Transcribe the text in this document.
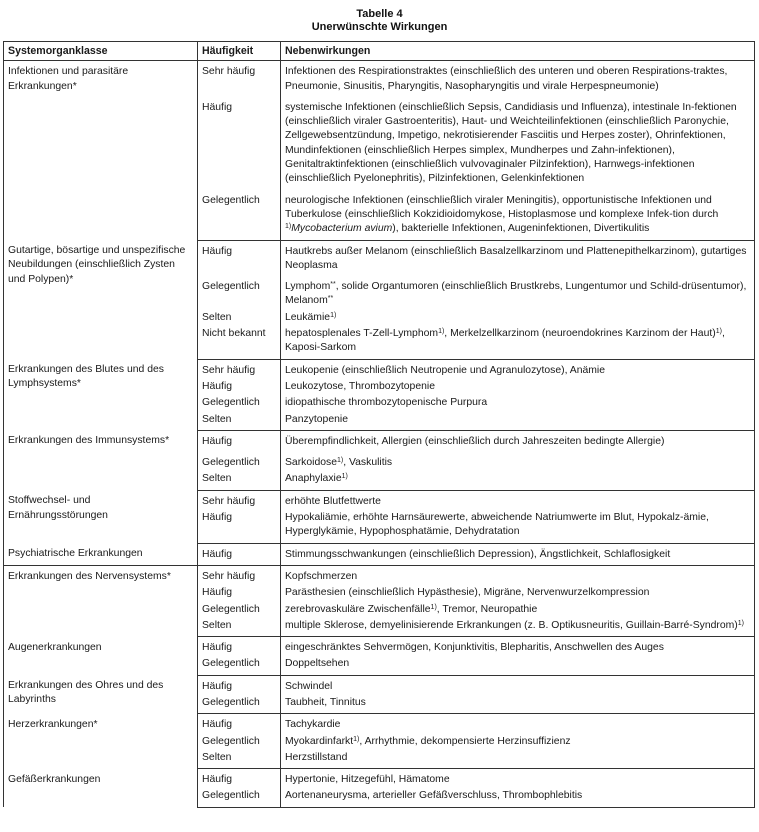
Tabelle 4
Unerwünschte Wirkungen
Systemorganklasse	Häufigkeit	Nebenwirkungen
Infektionen und parasitäre Erkrankungen*	Sehr häufig	Infektionen des Respirationstraktes (einschließlich des unteren und oberen Respirations-traktes, Pneumonie, Sinusitis, Pharyngitis, Nasopharyngitis und virale Herpespneumonie)
	Häufig	systemische Infektionen (einschließlich Sepsis, Candidiasis und Influenza), intestinale In-fektionen (einschließlich viraler Gastroenteritis), Haut- und Weichteilinfektionen (einschließlich Paronychie, Zellgewebsentzündung, Impetigo, nekrotisierender Fasciitis und Herpes zoster), Ohrinfektionen, Mundinfektionen (einschließlich Herpes simplex, Mundherpes und Zahn-infektionen), Genitaltraktinfektionen (einschließlich vulvovaginaler Pilzinfektion), Harnwegs-infektionen (einschließlich Pyelonephritis), Pilzinfektionen, Gelenkinfektionen
	Gelegentlich	neurologische Infektionen (einschließlich viraler Meningitis), opportunistische Infektionen und Tuberkulose (einschließlich Kokzidioidomykose, Histoplasmose und komplexe Infek-tion durch $^{1)}$Mycobacterium avium), bakterielle Infektionen, Augeninfektionen, Divertikulitis
Gutartige, bösartige und unspezifische Neubildungen (einschließlich Zysten und Polypen)*	Häufig	Hautkrebs außer Melanom (einschließlich Basalzellkarzinom und Plattenepithelkarzinom), gutartiges Neoplasma
	Gelegentlich	Lymphom**, solide Organtumoren (einschließlich Brustkrebs, Lungentumor und Schild-drüsentumor), Melanom**
	Selten	Leukämie$^{1)}$
	Nicht bekannt	hepatosplenales T-Zell-Lymphom$^{1)}$, Merkelzellkarzinom (neuroendokrines Karzinom der Haut)$^{1)}$, Kaposi-Sarkom
Erkrankungen des Blutes und des Lymphsystems*	Sehr häufig	Leukopenie (einschließlich Neutropenie und Agranulozytose), Anämie
	Häufig	Leukozytose, Thrombozytopenie
	Gelegentlich	idiopathische thrombozytopenische Purpura
	Selten	Panzytopenie
Erkrankungen des Immunsystems*	Häufig	Überempfindlichkeit, Allergien (einschließlich durch Jahreszeiten bedingte Allergie)
	Gelegentlich	Sarkoidose$^{1)}$, Vaskulitis
	Selten	Anaphylaxie$^{1)}$
Stoffwechsel- und Ernährungsstörungen	Sehr häufig	erhöhte Blutfettwerte
	Häufig	Hypokaliämie, erhöhte Harnsäurewerte, abweichende Natriumwerte im Blut, Hypokalz-ämie, Hyperglykämie, Hypophosphatämie, Dehydratation
Psychiatrische Erkrankungen	Häufig	Stimmungsschwankungen (einschließlich Depression), Ängstlichkeit, Schlaflosigkeit
Erkrankungen des Nervensystems*	Sehr häufig	Kopfschmerzen
	Häufig	Parästhesien (einschließlich Hypästhesie), Migräne, Nervenwurzelkompression
	Gelegentlich	zerebrovaskuläre Zwischenfälle$^{1)}$, Tremor, Neuropathie
	Selten	multiple Sklerose, demyelinisierende Erkrankungen (z. B. Optikusneuritis, Guillain-Barré-Syndrom)$^{1)}$
Augenerkrankungen	Häufig	eingeschränktes Sehvermögen, Konjunktivitis, Blepharitis, Anschwellen des Auges
	Gelegentlich	Doppeltsehen
Erkrankungen des Ohres und des Labyrinths	Häufig	Schwindel
	Gelegentlich	Taubheit, Tinnitus
Herzerkrankungen*	Häufig	Tachykardie
	Gelegentlich	Myokardinfarkt$^{1)}$, Arrhythmie, dekompensierte Herzinsuffizienz
	Selten	Herzstillstand
Gefäßerkrankungen	Häufig	Hypertonie, Hitzegefühl, Hämatome
	Gelegentlich	Aortenaneurysma, arterieller Gefäßverschluss, Thrombophlebitis
